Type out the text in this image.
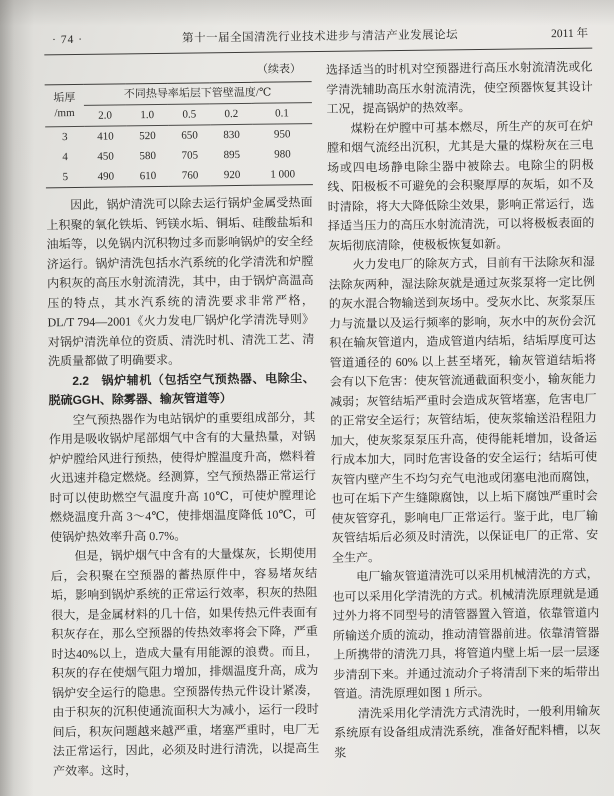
· 74 ·	第十一届全国清洗行业技术进步与清洁产业发展论坛	2011 年

（续表）

垢厚
/mm	不同热导率垢层下管壁温度/℃				
	2.0	1.0	0.5	0.2	0.1
3	410	520	650	830	950
4	450	580	705	895	980
5	490	610	760	920	1 000

因此，锅炉清洗可以除去运行锅炉金属受热面上积聚的氧化铁垢、钙镁水垢、铜垢、硅酸盐垢和油垢等，以免锅内沉积物过多而影响锅炉的安全经济运行。锅炉清洗包括水汽系统的化学清洗和炉膛内积灰的高压水射流清洗，其中，由于锅炉高温高压的特点，其水汽系统的清洗要求非常严格，DL/T 794—2001《火力发电厂锅炉化学清洗导则》对锅炉清洗单位的资质、清洗时机、清洗工艺、清洗质量都做了明确要求。

2.2 锅炉辅机（包括空气预热器、电除尘、脱硫GGH、除雾器、输灰管道等）

空气预热器作为电站锅炉的重要组成部分，其作用是吸收锅炉尾部烟气中含有的大量热量，对锅炉炉膛给风进行预热，使得炉膛温度升高，燃料着火迅速并稳定燃烧。经测算，空气预热器正常运行时可以使助燃空气温度升高 10℃，可使炉膛理论燃烧温度升高 3～4℃，使排烟温度降低 10℃，可使锅炉热效率升高 0.7%。

但是，锅炉烟气中含有的大量煤灰，长期使用后，会积聚在空预器的蓄热原件中，容易堵灰结垢，影响到锅炉系统的正常运行效率，积灰的热阻很大，是金属材料的几十倍，如果传热元件表面有积灰存在，那么空预器的传热效率将会下降，严重时达40%以上，造成大量有用能源的浪费。而且，积灰的存在使烟气阻力增加，排烟温度升高，成为锅炉安全运行的隐患。空预器传热元件设计紧凑，由于积灰的沉积使通流面积大为减小，运行一段时间后，积灰问题越来越严重，堵塞严重时，电厂无法正常运行，因此，必须及时进行清洗，以提高生产效率。这时，

选择适当的时机对空预器进行高压水射流清洗或化学清洗辅助高压水射流清洗，使空预器恢复其设计工况，提高锅炉的热效率。

煤粉在炉膛中可基本燃尽，所生产的灰可在炉膛和烟气流经出沉积，尤其是大量的煤粉灰在三电场或四电场静电除尘器中被除去。电除尘的阴极线、阳极板不可避免的会积聚厚厚的灰垢，如不及时清除，将大大降低除尘效果，影响正常运行，选择适当压力的高压水射流清洗，可以将极板表面的灰垢彻底清除，使极板恢复如新。

火力发电厂的除灰方式，目前有干法除灰和湿法除灰两种，湿法除灰就是通过灰浆泵将一定比例的灰水混合物输送到灰场中。受灰水比、灰浆泵压力与流量以及运行频率的影响，灰水中的灰份会沉积在输灰管道内，造成管道内结垢，结垢厚度可达管道通径的 60% 以上甚至堵死，输灰管道结垢将会有以下危害：使灰管流通截面积变小，输灰能力减弱；灰管结垢严重时会造成灰管堵塞，危害电厂的正常安全运行；灰管结垢，使灰浆输送沿程阻力加大，使灰浆泵泵压升高，使得能耗增加，设备运行成本加大，同时危害设备的安全运行；结垢可使灰管内壁产生不均匀充气电池或闭塞电池而腐蚀，也可在垢下产生缝隙腐蚀，以上垢下腐蚀严重时会使灰管穿孔，影响电厂正常运行。鉴于此，电厂输灰管结垢后必须及时清洗，以保证电厂的正常、安全生产。

电厂输灰管道清洗可以采用机械清洗的方式，也可以采用化学清洗的方式。机械清洗原理就是通过外力将不同型号的清管器置入管道，依靠管道内所输送介质的流动，推动清管器前进。依靠清管器上所携带的清洗刀具，将管道内壁上垢一层一层逐步清刮下来。并通过流动介子将清刮下来的垢带出管道。清洗原理如图 1 所示。

清洗采用化学清洗方式清洗时，一般利用输灰系统原有设备组成清洗系统，准备好配料槽，以灰浆
